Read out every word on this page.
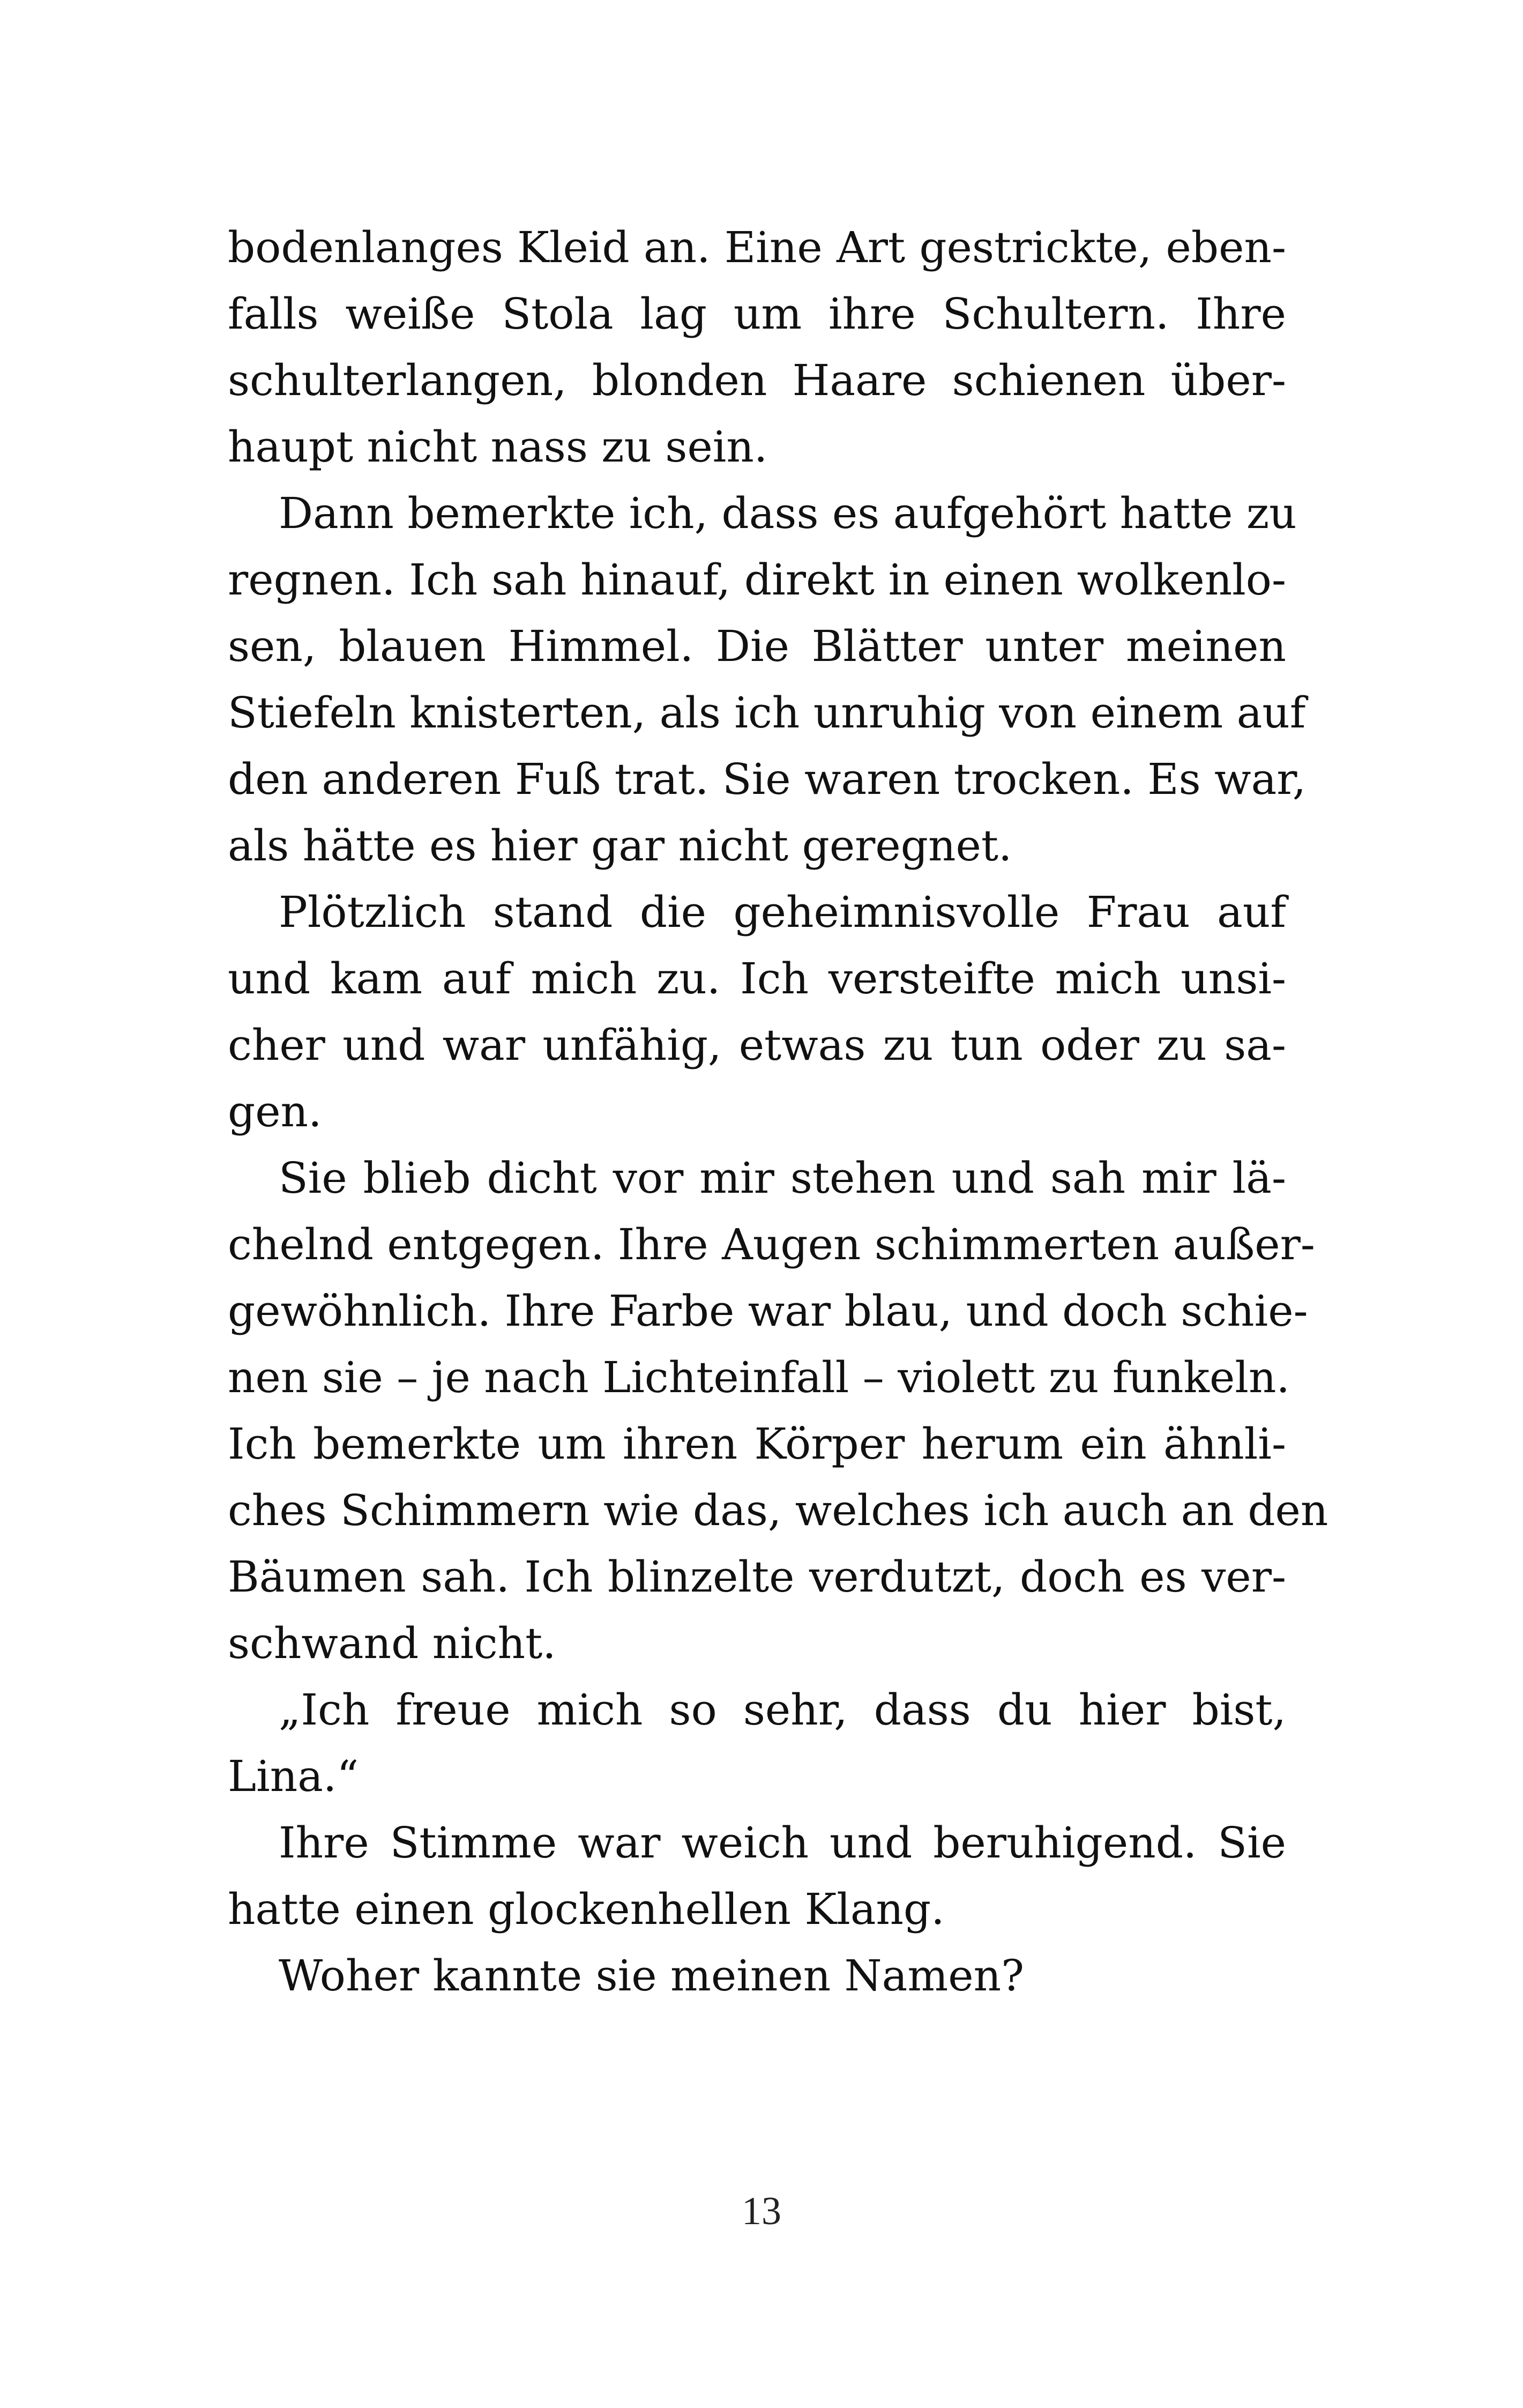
bodenlanges Kleid an. Eine Art gestrickte, eben-
falls weiße Stola lag um ihre Schultern. Ihre
schulterlangen, blonden Haare schienen über-
haupt nicht nass zu sein.
Dann bemerkte ich, dass es aufgehört hatte zu
regnen. Ich sah hinauf, direkt in einen wolkenlo-
sen, blauen Himmel. Die Blätter unter meinen
Stiefeln knisterten, als ich unruhig von einem auf
den anderen Fuß trat. Sie waren trocken. Es war,
als hätte es hier gar nicht geregnet.
Plötzlich stand die geheimnisvolle Frau auf
und kam auf mich zu. Ich versteifte mich unsi-
cher und war unfähig, etwas zu tun oder zu sa-
gen.
Sie blieb dicht vor mir stehen und sah mir lä-
chelnd entgegen. Ihre Augen schimmerten außer-
gewöhnlich. Ihre Farbe war blau, und doch schie-
nen sie – je nach Lichteinfall – violett zu funkeln.
Ich bemerkte um ihren Körper herum ein ähnli-
ches Schimmern wie das, welches ich auch an den
Bäumen sah. Ich blinzelte verdutzt, doch es ver-
schwand nicht.
„Ich freue mich so sehr, dass du hier bist,
Lina.“
Ihre Stimme war weich und beruhigend. Sie
hatte einen glockenhellen Klang.
Woher kannte sie meinen Namen?
13
